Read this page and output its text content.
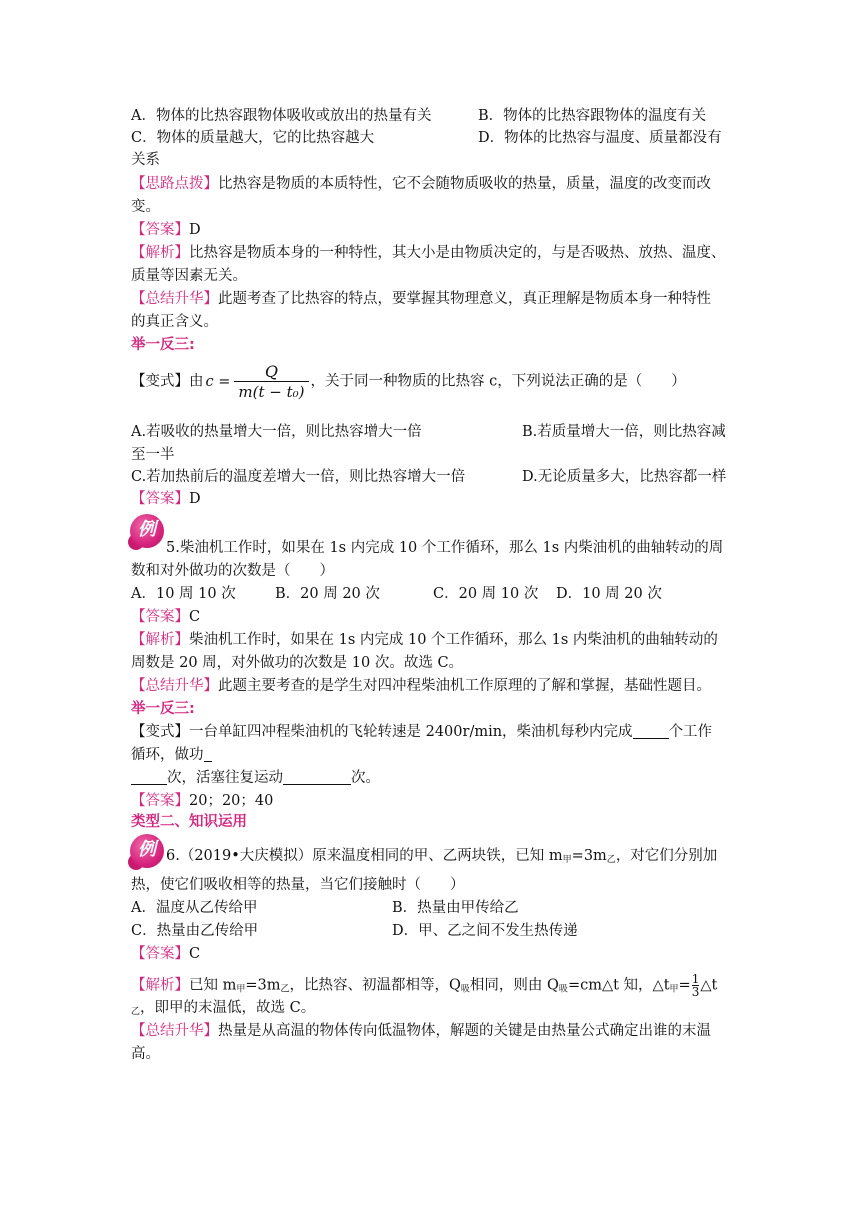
A．物体的比热容跟物体吸收或放出的热量有关	B．物体的比热容跟物体的温度有关
C．物体的质量越大，它的比热容越大	D．物体的比热容与温度、质量都没有
关系
【思路点拨】比热容是物质的本质特性，它不会随物质吸收的热量，质量，温度的改变而改
变。
【答案】D
【解析】比热容是物质本身的一种特性，其大小是由物质决定的，与是否吸热、放热、温度、
质量等因素无关。
【总结升华】此题考查了比热容的特点，要掌握其物理意义，真正理解是物质本身一种特性
的真正含义。
举一反三:
【变式】由 $c = \frac{Q}{\text{m(t − t₀)}}$ ，关于同一种物质的比热容 c，下列说法正确的是（　　）
A.若吸收的热量增大一倍，则比热容增大一倍	B.若质量增大一倍，则比热容减
至一半
C.若加热前后的温度差增大一倍，则比热容增大一倍	D.无论质量多大，比热容都一样
【答案】D
例
5.柴油机工作时，如果在 1s 内完成 10 个工作循环，那么 1s 内柴油机的曲轴转动的周
数和对外做功的次数是（　　）
A．10 周 10 次	B．20 周 20 次	C．20 周 10 次 D．10 周 20 次
【答案】C
【解析】柴油机工作时，如果在 1s 内完成 10 个工作循环，那么 1s 内柴油机的曲轴转动的
周数是 20 周，对外做功的次数是 10 次。故选 C。
【总结升华】此题主要考查的是学生对四冲程柴油机工作原理的了解和掌握，基础性题目。
举一反三:
【变式】一台单缸四冲程柴油机的飞轮转速是 2400r/min，柴油机每秒内完成 个工作
循环，做功
次，活塞往复运动	次。
【答案】20；20；40
类型二、知识运用
例 6.（2019•大庆模拟）原来温度相同的甲、乙两块铁，已知 $m_甲=3m_乙$，对它们分别加
热，使它们吸收相等的热量，当它们接触时（　　）
A．温度从乙传给甲	B．热量由甲传给乙
C．热量由乙传给甲	D．甲、乙之间不发生热传递
【答案】C
【解析】已知 $m_甲=3m_乙$，比热容、初温都相等，$Q_吸$相同，则由 $Q_吸=cm\triangle t$ 知，$\triangle t_甲= \frac{1}{3}$ △t
$_乙$，即甲的末温低，故选 C。
【总结升华】热量是从高温的物体传向低温物体，解题的关键是由热量公式确定出谁的末温
高。
